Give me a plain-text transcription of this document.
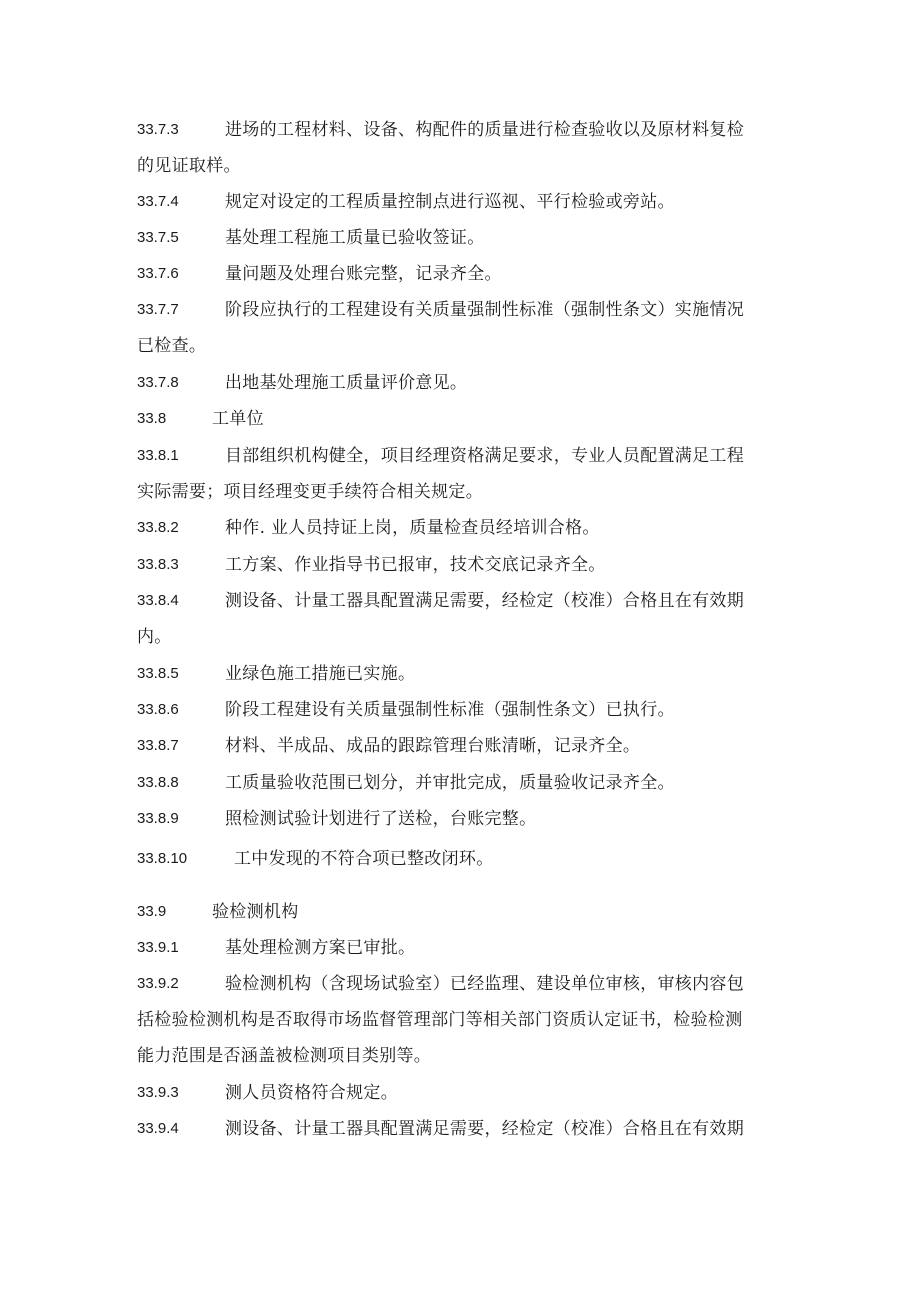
33.7.3	进场的工程材料、设备、构配件的质量进行检查验收以及原材料复检
的见证取样。
33.7.4	规定对设定的工程质量控制点进行巡视、平行检验或旁站。
33.7.5	基处理工程施工质量已验收签证。
33.7.6	量问题及处理台账完整，记录齐全。
33.7.7	阶段应执行的工程建设有关质量强制性标准（强制性条文）实施情况
已检查。
33.7.8	出地基处理施工质量评价意见。
33.8	工单位
33.8.1	目部组织机构健全，项目经理资格满足要求，专业人员配置满足工程
实际需要；项目经理变更手续符合相关规定。
33.8.2	种作. 业人员持证上岗，质量检查员经培训合格。
33.8.3	工方案、作业指导书已报审，技术交底记录齐全。
33.8.4	测设备、计量工器具配置满足需要，经检定（校准）合格且在有效期
内。
33.8.5	业绿色施工措施已实施。
33.8.6	阶段工程建设有关质量强制性标准（强制性条文）已执行。
33.8.7	材料、半成品、成品的跟踪管理台账清晰，记录齐全。
33.8.8	工质量验收范围已划分，并审批完成，质量验收记录齐全。
33.8.9	照检测试验计划进行了送检，台账完整。
33.8.10	工中发现的不符合项已整改闭环。
33.9	验检测机构
33.9.1	基处理检测方案已审批。
33.9.2	验检测机构（含现场试验室）已经监理、建设单位审核，审核内容包
括检验检测机构是否取得市场监督管理部门等相关部门资质认定证书，检验检测
能力范围是否涵盖被检测项目类别等。
33.9.3	测人员资格符合规定。
33.9.4	测设备、计量工器具配置满足需要，经检定（校准）合格且在有效期
